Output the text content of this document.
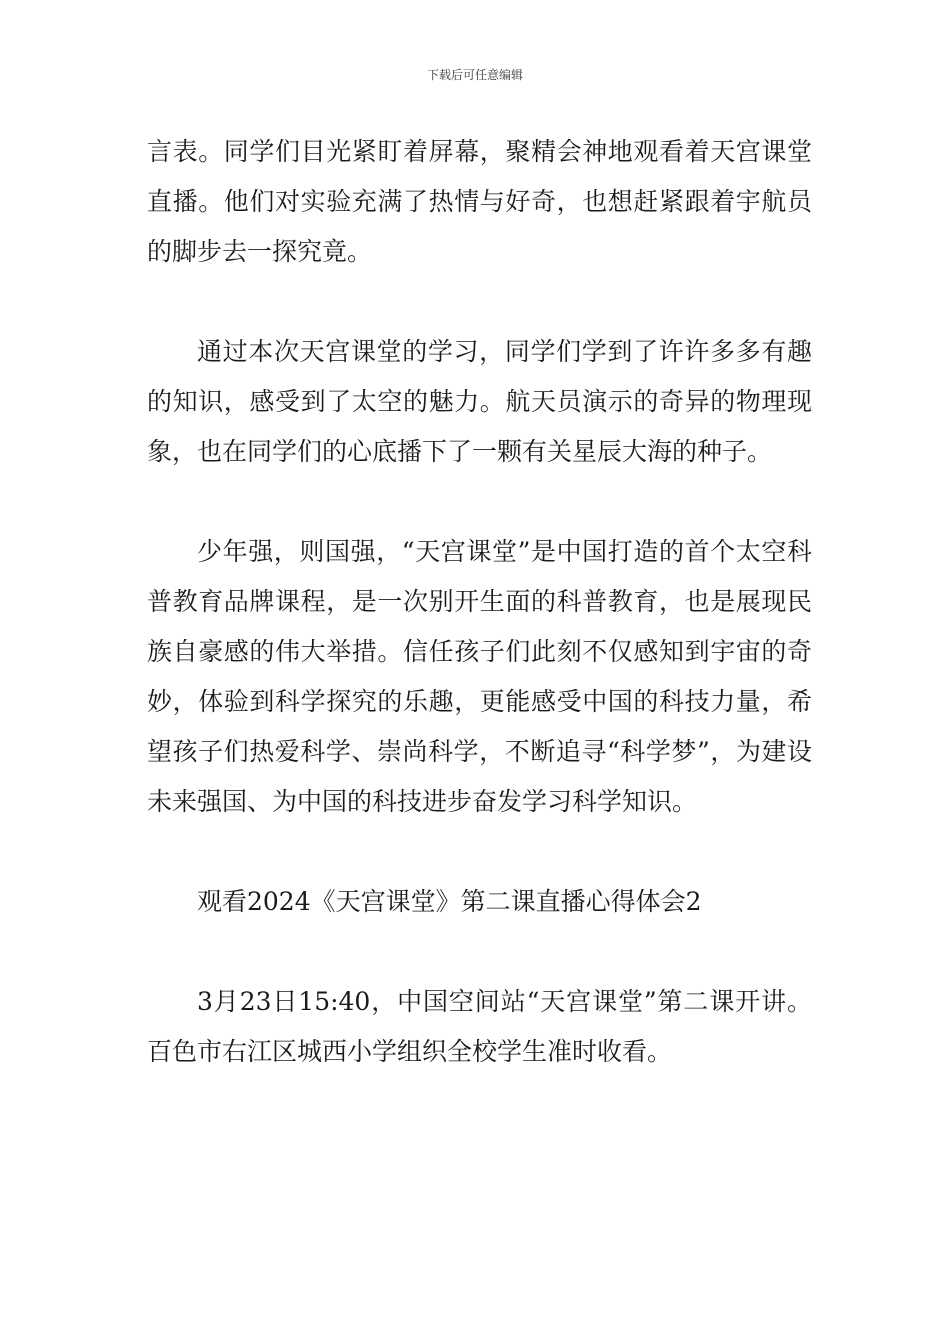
下载后可任意编辑

言表。同学们目光紧盯着屏幕，聚精会神地观看着天宫课堂直播。他们对实验充满了热情与好奇，也想赶紧跟着宇航员的脚步去一探究竟。

通过本次天宫课堂的学习，同学们学到了许许多多有趣的知识，感受到了太空的魅力。航天员演示的奇异的物理现象，也在同学们的心底播下了一颗有关星辰大海的种子。

少年强，则国强，“天宫课堂”是中国打造的首个太空科普教育品牌课程，是一次别开生面的科普教育，也是展现民族自豪感的伟大举措。信任孩子们此刻不仅感知到宇宙的奇妙，体验到科学探究的乐趣，更能感受中国的科技力量，希望孩子们热爱科学、崇尚科学，不断追寻“科学梦”，为建设未来强国、为中国的科技进步奋发学习科学知识。

观看2024《天宫课堂》第二课直播心得体会2

3月23日15:40，中国空间站“天宫课堂”第二课开讲。百色市右江区城西小学组织全校学生准时收看。
